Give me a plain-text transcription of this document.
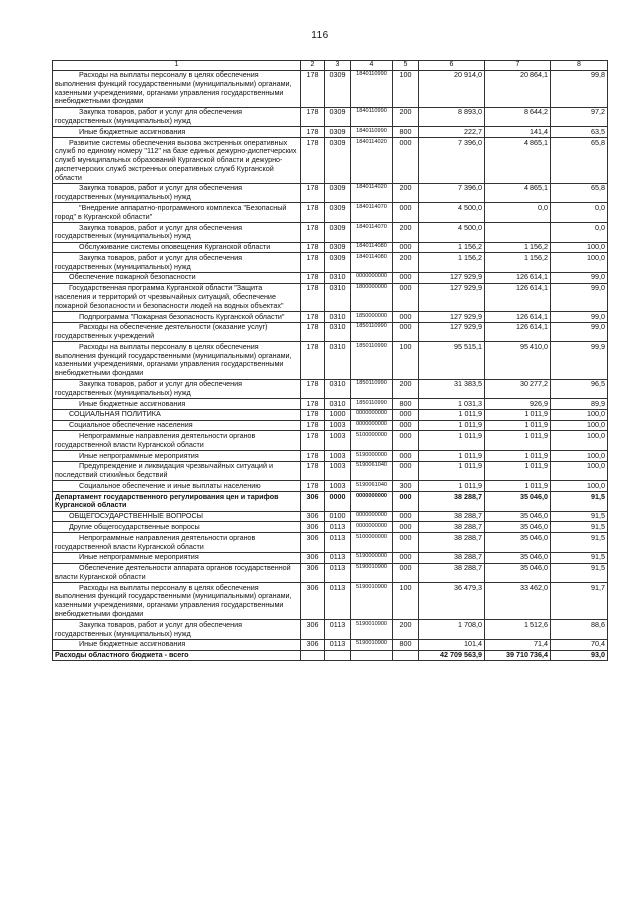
116
1	2	3	4	5	6	7	8
Расходы на выплаты персоналу в целях обеспечения выполнения функций государственными (муниципальными) органами, казенными учреждениями, органами управления государственными внебюджетными фондами	178	0309	1840110990	100	20 914,0	20 864,1	99,8
Закупка товаров, работ и услуг для обеспечения государственных (муниципальных) нужд	178	0309	1840110990	200	8 893,0	8 644,2	97,2
Иные бюджетные ассигнования	178	0309	1840110990	800	222,7	141,4	63,5
Развитие системы обеспечения вызова экстренных оперативных служб по единому номеру "112" на базе единых дежурно-диспетчерских служб муниципальных образований Курганской области и дежурно-диспетчерских служб экстренных оперативных служб Курганской области	178	0309	1840114020	000	7 396,0	4 865,1	65,8
Закупка товаров, работ и услуг для обеспечения государственных (муниципальных) нужд	178	0309	1840114020	200	7 396,0	4 865,1	65,8
"Внедрение аппаратно-программного комплекса "Безопасный город" в Курганской области"	178	0309	1840114070	000	4 500,0	0,0	0,0
Закупка товаров, работ и услуг для обеспечения государственных (муниципальных) нужд	178	0309	1840114070	200	4 500,0		0,0
Обслуживание системы оповещения Курганской области	178	0309	1840114080	000	1 156,2	1 156,2	100,0
Закупка товаров, работ и услуг для обеспечения государственных (муниципальных) нужд	178	0309	1840114080	200	1 156,2	1 156,2	100,0
Обеспечение пожарной безопасности	178	0310	0000000000	000	127 929,9	126 614,1	99,0
Государственная программа Курганской области "Защита населения и территорий от чрезвычайных ситуаций, обеспечение пожарной безопасности и безопасности людей на водных объектах"	178	0310	1800000000	000	127 929,9	126 614,1	99,0
Подпрограмма "Пожарная безопасность Курганской области"	178	0310	1850000000	000	127 929,9	126 614,1	99,0
Расходы на обеспечение деятельности (оказание услуг) государственных учреждений	178	0310	1850110990	000	127 929,9	126 614,1	99,0
Расходы на выплаты персоналу в целях обеспечения выполнения функций государственными (муниципальными) органами, казенными учреждениями, органами управления государственными внебюджетными фондами	178	0310	1850110990	100	95 515,1	95 410,0	99,9
Закупка товаров, работ и услуг для обеспечения государственных (муниципальных) нужд	178	0310	1850110990	200	31 383,5	30 277,2	96,5
Иные бюджетные ассигнования	178	0310	1850110990	800	1 031,3	926,9	89,9
СОЦИАЛЬНАЯ ПОЛИТИКА	178	1000	0000000000	000	1 011,9	1 011,9	100,0
Социальное обеспечение населения	178	1003	0000000000	000	1 011,9	1 011,9	100,0
Непрограммные направления деятельности органов государственной власти Курганской области	178	1003	5100000000	000	1 011,9	1 011,9	100,0
Иные непрограммные мероприятия	178	1003	5190000000	000	1 011,9	1 011,9	100,0
Предупреждение и ликвидация чрезвычайных ситуаций и последствий стихийных бедствий	178	1003	5190061040	000	1 011,9	1 011,9	100,0
Социальное обеспечение и иные выплаты населению	178	1003	5190061040	300	1 011,9	1 011,9	100,0
Департамент государственного регулирования цен и тарифов Курганской области	306	0000	0000000000	000	38 288,7	35 046,0	91,5
ОБЩЕГОСУДАРСТВЕННЫЕ ВОПРОСЫ	306	0100	0000000000	000	38 288,7	35 046,0	91,5
Другие общегосударственные вопросы	306	0113	0000000000	000	38 288,7	35 046,0	91,5
Непрограммные направления деятельности органов государственной власти Курганской области	306	0113	5100000000	000	38 288,7	35 046,0	91,5
Иные непрограммные мероприятия	306	0113	5190000000	000	38 288,7	35 046,0	91,5
Обеспечение деятельности аппарата органов государственной власти Курганской области	306	0113	5190010900	000	38 288,7	35 046,0	91,5
Расходы на выплаты персоналу в целях обеспечения выполнения функций государственными (муниципальными) органами, казенными учреждениями, органами управления государственными внебюджетными фондами	306	0113	5190010900	100	36 479,3	33 462,0	91,7
Закупка товаров, работ и услуг для обеспечения государственных (муниципальных) нужд	306	0113	5190010900	200	1 708,0	1 512,6	88,6
Иные бюджетные ассигнования	306	0113	5190010900	800	101,4	71,4	70,4
Расходы областного бюджета - всего					42 709 563,9	39 710 736,4	93,0
